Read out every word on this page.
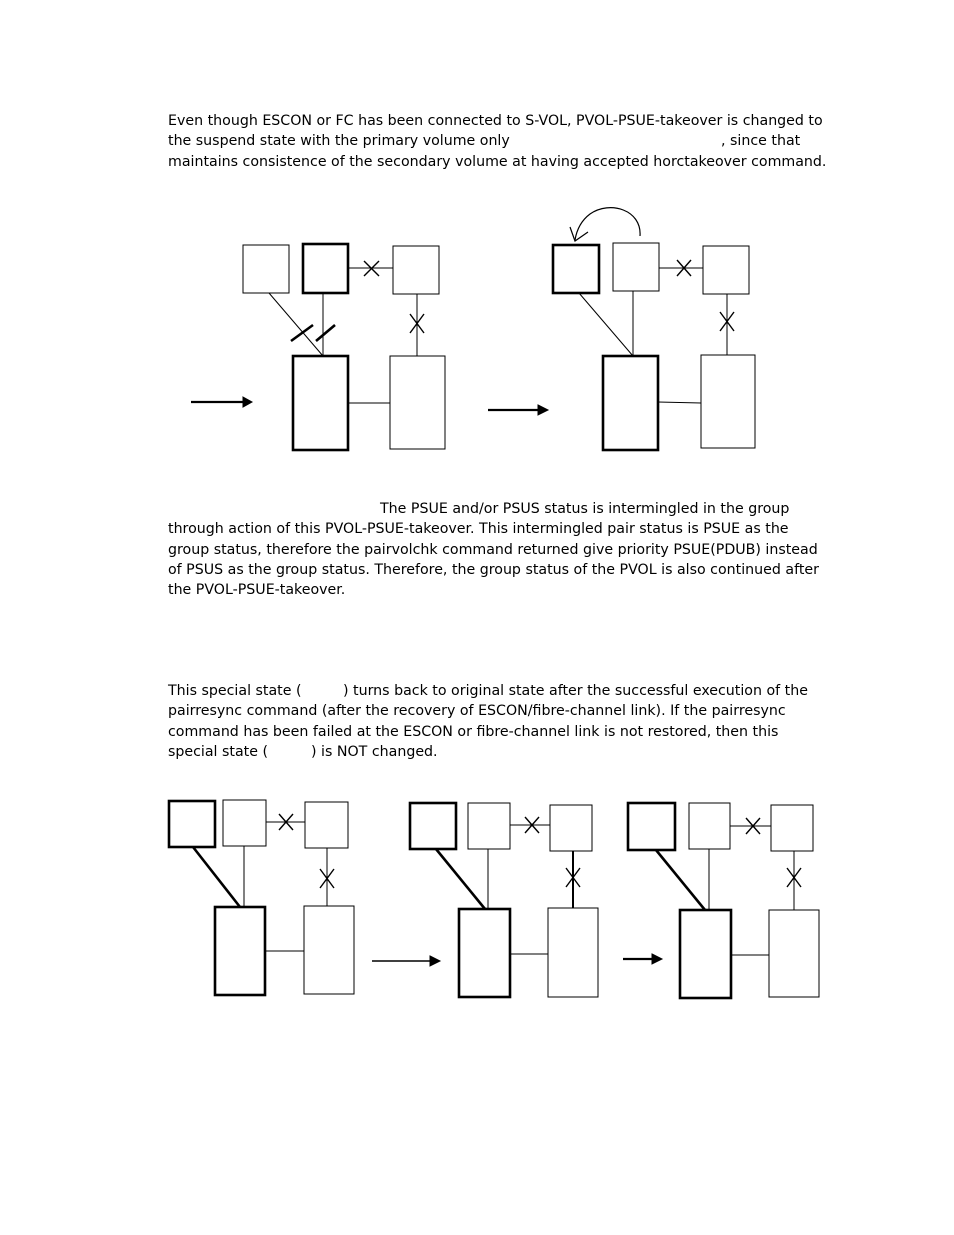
Even though ESCON or FC has been connected to S-VOL, PVOL-PSUE-takeover is changed to
the suspend state with the primary volume only	, since that
maintains consistence of the secondary volume at having accepted horctakeover command.
The PSUE and/or PSUS status is intermingled in the group
through action of this PVOL-PSUE-takeover. This intermingled pair status is PSUE as the
group status, therefore the pairvolchk command returned give priority PSUE(PDUB) instead
of PSUS as the group status. Therefore, the group status of the PVOL is also continued after
the PVOL-PSUE-takeover.
This special state (	) turns back to original state after the successful execution of the
pairresync command (after the recovery of ESCON/fibre-channel link). If the pairresync
command has been failed at the ESCON or fibre-channel link is not restored, then this
special state (	) is NOT changed.
